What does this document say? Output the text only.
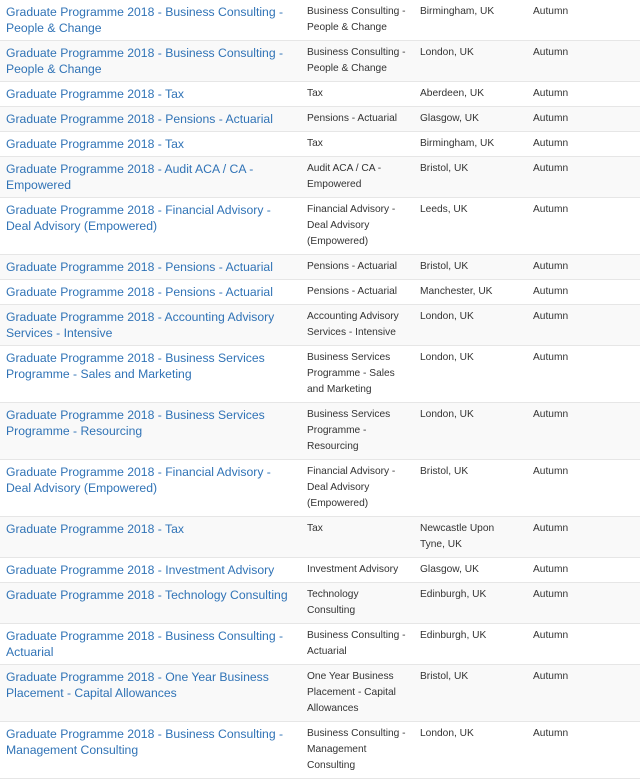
Graduate Programme 2018 - Business Consulting - People & Change	Business Consulting - People & Change	Birmingham, UK	Autumn

Graduate Programme 2018 - Business Consulting - People & Change	Business Consulting - People & Change	London, UK	Autumn

Graduate Programme 2018 - Tax	Tax	Aberdeen, UK	Autumn

Graduate Programme 2018 - Pensions - Actuarial	Pensions - Actuarial	Glasgow, UK	Autumn

Graduate Programme 2018 - Tax	Tax	Birmingham, UK	Autumn

Graduate Programme 2018 - Audit ACA / CA - Empowered	Audit ACA / CA - Empowered	Bristol, UK	Autumn

Graduate Programme 2018 - Financial Advisory - Deal Advisory (Empowered)	Financial Advisory - Deal Advisory (Empowered)	Leeds, UK	Autumn

Graduate Programme 2018 - Pensions - Actuarial	Pensions - Actuarial	Bristol, UK	Autumn

Graduate Programme 2018 - Pensions - Actuarial	Pensions - Actuarial	Manchester, UK	Autumn

Graduate Programme 2018 - Accounting Advisory Services - Intensive	Accounting Advisory Services - Intensive	London, UK	Autumn

Graduate Programme 2018 - Business Services Programme - Sales and Marketing	Business Services Programme - Sales and Marketing	London, UK	Autumn

Graduate Programme 2018 - Business Services Programme - Resourcing	Business Services Programme - Resourcing	London, UK	Autumn

Graduate Programme 2018 - Financial Advisory - Deal Advisory (Empowered)	Financial Advisory - Deal Advisory (Empowered)	Bristol, UK	Autumn

Graduate Programme 2018 - Tax	Tax	Newcastle Upon Tyne, UK	Autumn

Graduate Programme 2018 - Investment Advisory	Investment Advisory	Glasgow, UK	Autumn

Graduate Programme 2018 - Technology Consulting	Technology Consulting	Edinburgh, UK	Autumn

Graduate Programme 2018 - Business Consulting - Actuarial	Business Consulting - Actuarial	Edinburgh, UK	Autumn

Graduate Programme 2018 - One Year Business Placement - Capital Allowances	One Year Business Placement - Capital Allowances	Bristol, UK	Autumn

Graduate Programme 2018 - Business Consulting - Management Consulting	Business Consulting - Management Consulting	London, UK	Autumn
